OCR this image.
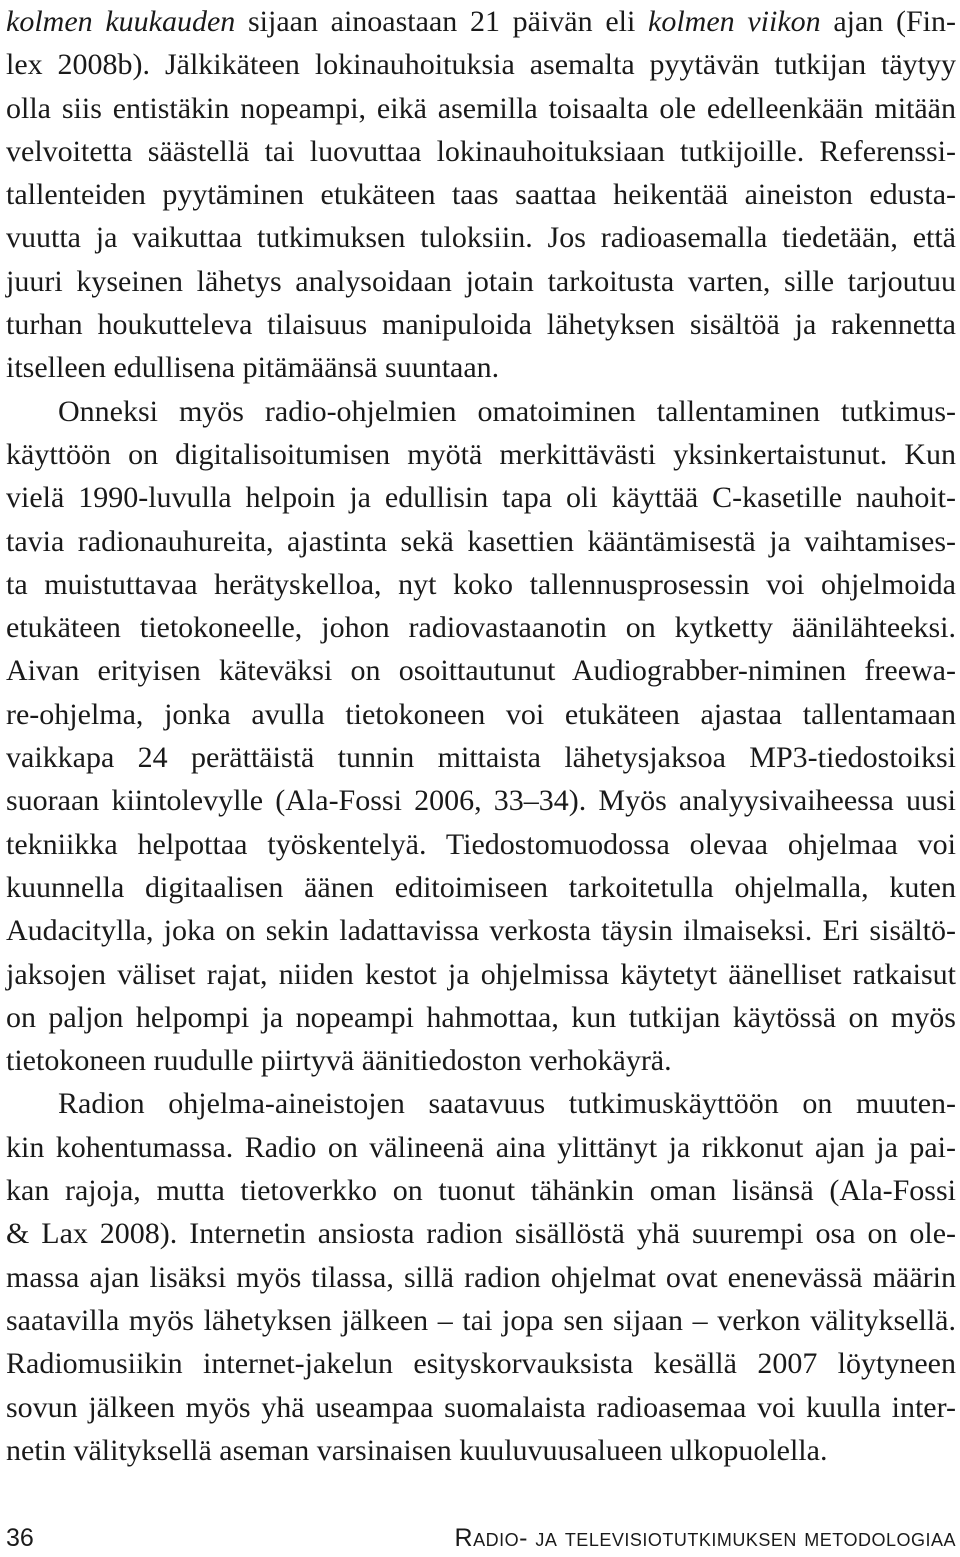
kolmen kuukauden sijaan ainoastaan 21 päivän eli kolmen viikon ajan (Fin-
lex 2008b). Jälkikäteen lokinauhoituksia asemalta pyytävän tutkijan täytyy
olla siis entistäkin nopeampi, eikä asemilla toisaalta ole edelleenkään mitään
velvoitetta säästellä tai luovuttaa lokinauhoituksiaan tutkijoille. Referenssi-
tallenteiden pyytäminen etukäteen taas saattaa heikentää aineiston edusta-
vuutta ja vaikuttaa tutkimuksen tuloksiin. Jos radioasemalla tiedetään, että
juuri kyseinen lähetys analysoidaan jotain tarkoitusta varten, sille tarjoutuu
turhan houkutteleva tilaisuus manipuloida lähetyksen sisältöä ja rakennetta
itselleen edullisena pitämäänsä suuntaan.

Onneksi myös radio-ohjelmien omatoiminen tallentaminen tutkimus-
käyttöön on digitalisoitumisen myötä merkittävästi yksinkertaistunut. Kun
vielä 1990-luvulla helpoin ja edullisin tapa oli käyttää C-kasetille nauhoit-
tavia radionauhureita, ajastinta sekä kasettien kääntämisestä ja vaihtamises-
ta muistuttavaa herätyskelloa, nyt koko tallennusprosessin voi ohjelmoida
etukäteen tietokoneelle, johon radiovastaanotin on kytketty äänilähteeksi.
Aivan erityisen käteväksi on osoittautunut Audiograbber-niminen freewa-
re-ohjelma, jonka avulla tietokoneen voi etukäteen ajastaa tallentamaan
vaikkapa 24 perättäistä tunnin mittaista lähetysjaksoa MP3-tiedostoiksi
suoraan kiintolevylle (Ala-Fossi 2006, 33–34). Myös analyysivaiheessa uusi
tekniikka helpottaa työskentelyä. Tiedostomuodossa olevaa ohjelmaa voi
kuunnella digitaalisen äänen editoimiseen tarkoitetulla ohjelmalla, kuten
Audacitylla, joka on sekin ladattavissa verkosta täysin ilmaiseksi. Eri sisältö-
jaksojen väliset rajat, niiden kestot ja ohjelmissa käytetyt äänelliset ratkaisut
on paljon helpompi ja nopeampi hahmottaa, kun tutkijan käytössä on myös
tietokoneen ruudulle piirtyvä äänitiedoston verhokäyrä.

Radion ohjelma-aineistojen saatavuus tutkimuskäyttöön on muuten-
kin kohentumassa. Radio on välineenä aina ylittänyt ja rikkonut ajan ja pai-
kan rajoja, mutta tietoverkko on tuonut tähänkin oman lisänsä (Ala-Fossi
& Lax 2008). Internetin ansiosta radion sisällöstä yhä suurempi osa on ole-
massa ajan lisäksi myös tilassa, sillä radion ohjelmat ovat enenevässä määrin
saatavilla myös lähetyksen jälkeen – tai jopa sen sijaan – verkon välityksellä.
Radiomusiikin internet-jakelun esityskorvauksista kesällä 2007 löytyneen
sovun jälkeen myös yhä useampaa suomalaista radioasemaa voi kuulla inter-
netin välityksellä aseman varsinaisen kuuluvuusalueen ulkopuolella.

36	Radio- ja televisiotutkimuksen metodologiaa
